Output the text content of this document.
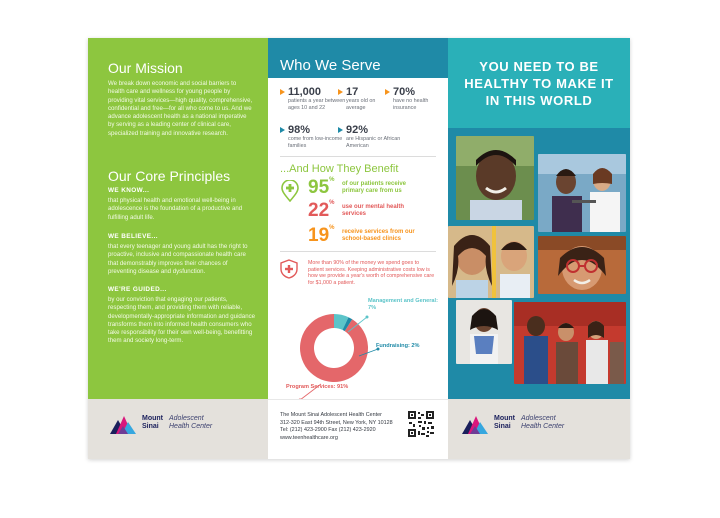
Our Mission

We break down economic and social barriers to health care and wellness for young people by providing vital services—high quality, comprehensive, confidential and free—for all who come to us. And we advance adolescent health as a national imperative by serving as a leading center of clinical care, specialized training and innovative research.

Our Core Principles
WE KNOW...

that physical health and emotional well-being in adolescence is the foundation of a productive and fulfilling adult life.

WE BELIEVE...

that every teenager and young adult has the right to proactive, inclusive and compassionate health care that demonstrably improves their chances of preventing disease and dysfunction.

WE'RE GUIDED...

by our conviction that engaging our patients, respecting them, and providing them with reliable, developmentally-appropriate information and guidance transforms them into informed health consumers who take responsibility for their own well-being, benefitting them and society long-term.

Mount
Sinai
Adolescent
Health Center
Who We Serve
11,000
patients a year between ages 10 and 22
17
years old on average
70%
have no health insurance
98%
come from low-income families
92%
are Hispanic or African American
...And How They Benefit
95%
of our patients receive primary care from us
22%
use our mental health services
19%
receive services from our school-based clinics

More than 90% of the money we spend goes to patient services. Keeping administrative costs low is how we provide a year's worth of comprehensive care for $1,000 a patient.

Management and General: 7%
Fundraising: 2%
Program Services: 91%
The Mount Sinai Adolescent Health Center
312-320 East 94th Street, New York, NY 10128
Tel: (212) 423-2900 Fax (212) 423-2920
www.teenhealthcare.org
YOU NEED TO BE
HEALTHY TO MAKE IT
IN THIS WORLD
Mount
Sinai
Adolescent
Health Center
